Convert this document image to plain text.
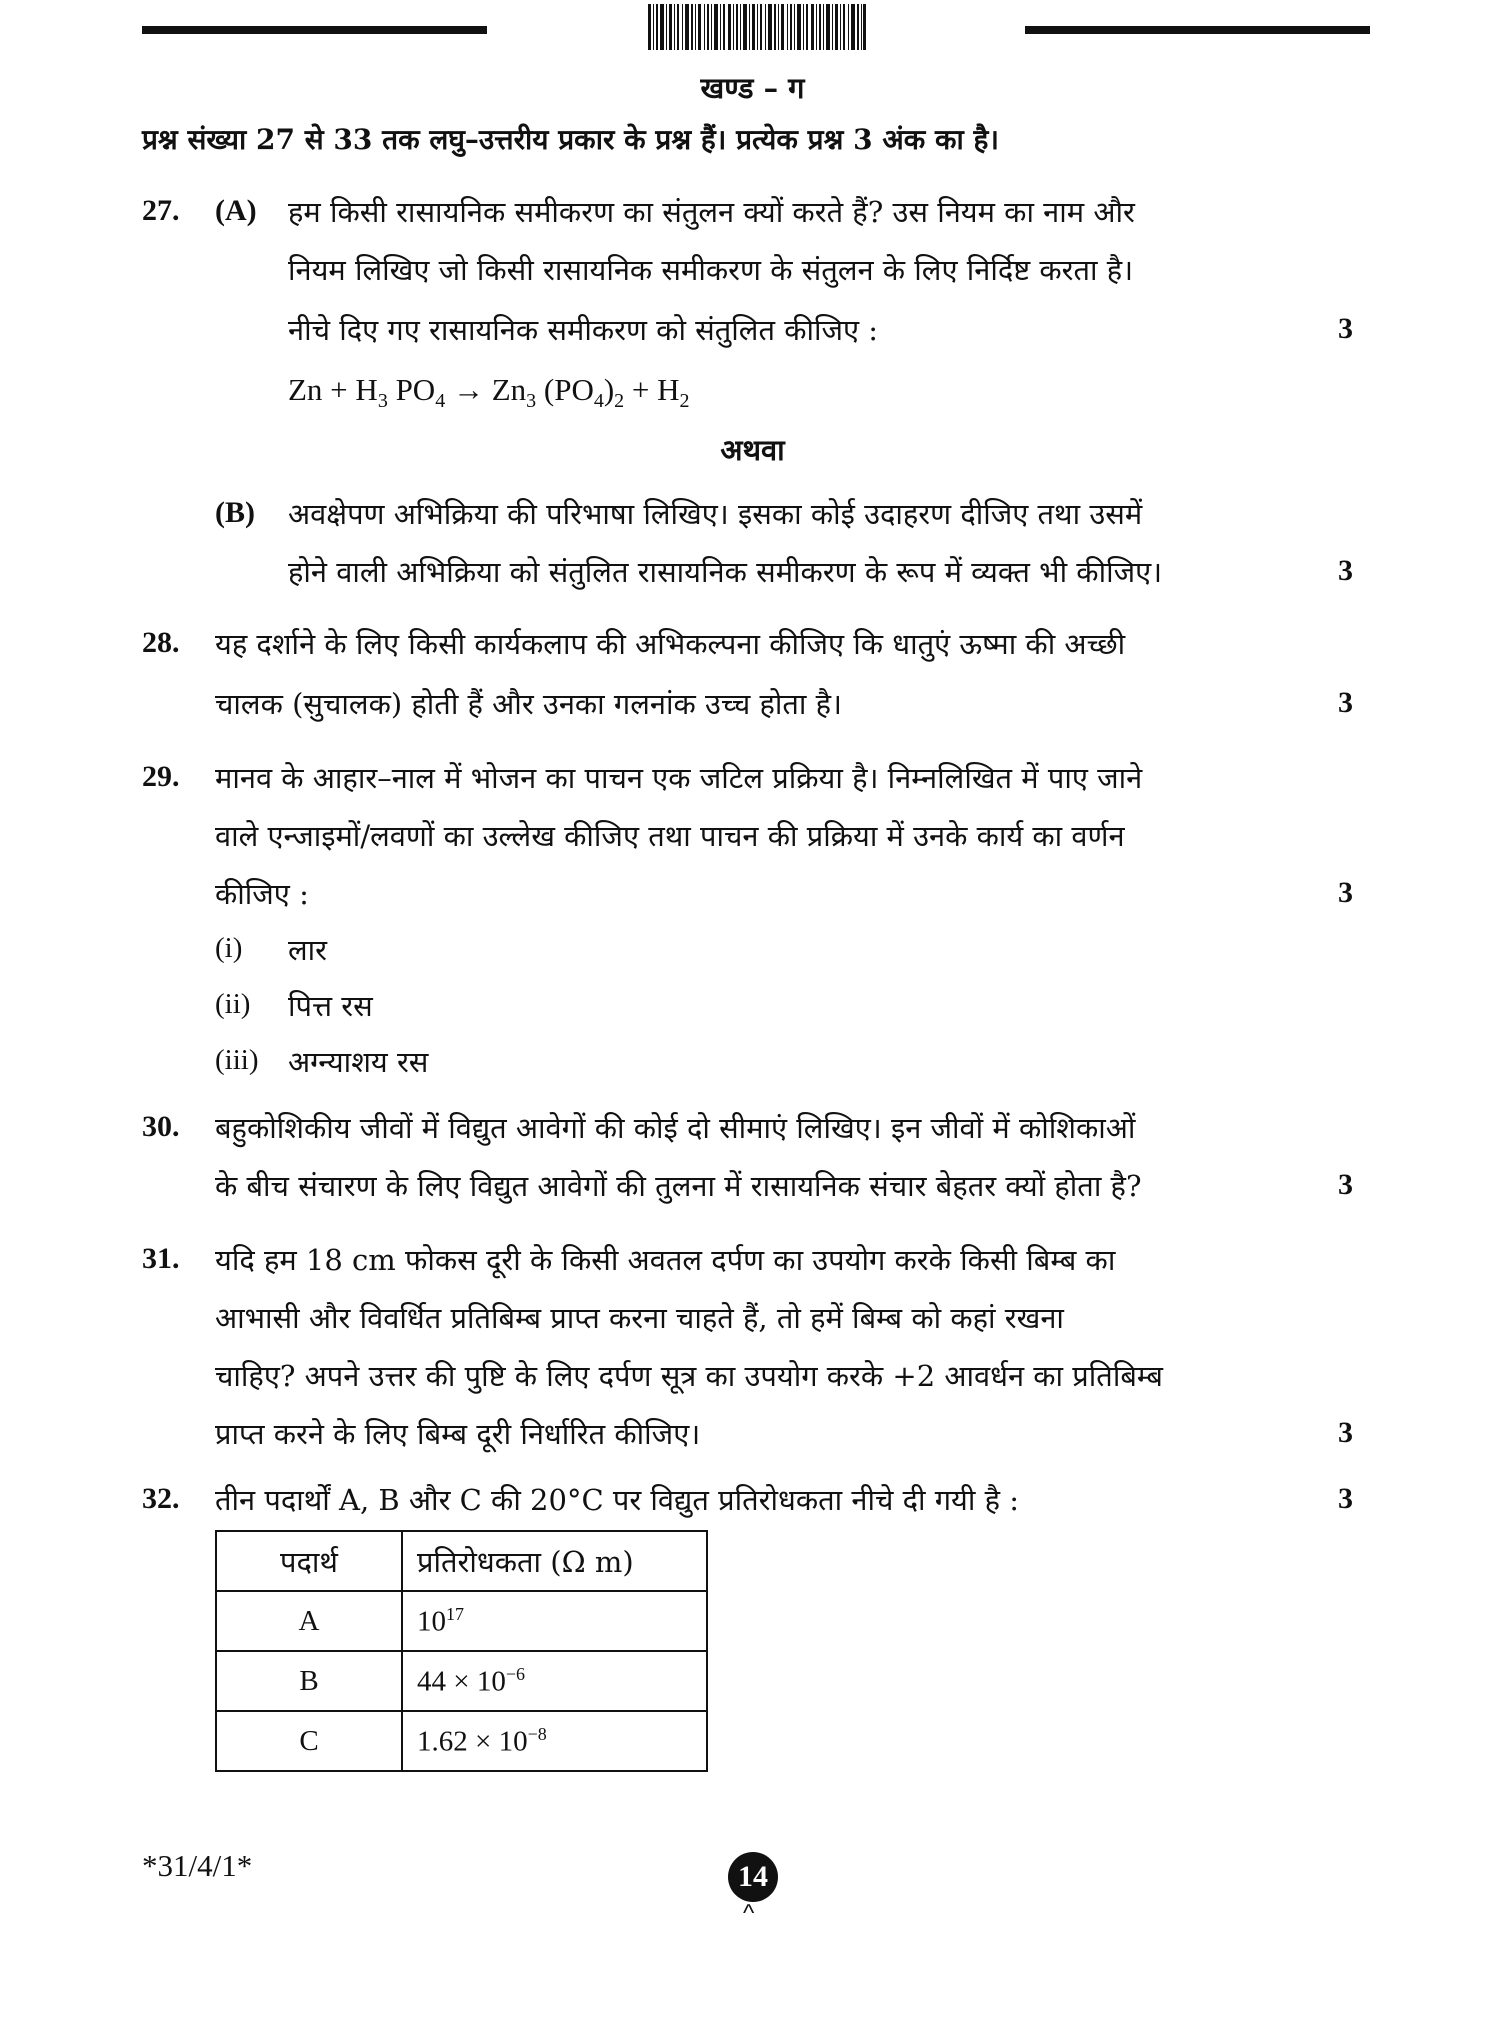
खण्ड – ग
प्रश्न संख्या 27 से 33 तक लघु–उत्तरीय प्रकार के प्रश्न हैं। प्रत्येक प्रश्न 3 अंक का है।
27. (A) हम किसी रासायनिक समीकरण का संतुलन क्यों करते हैं? उस नियम का नाम और
नियम लिखिए जो किसी रासायनिक समीकरण के संतुलन के लिए निर्दिष्ट करता है।
नीचे दिए गए रासायनिक समीकरण को संतुलित कीजिए :	3
$Zn + H_3$ $PO_4 \to Zn_3$ $(PO_4)_2 + H_2$
अथवा
(B) अवक्षेपण अभिक्रिया की परिभाषा लिखिए। इसका कोई उदाहरण दीजिए तथा उसमें
होने वाली अभिक्रिया को संतुलित रासायनिक समीकरण के रूप में व्यक्त भी कीजिए।	3
28. यह दर्शाने के लिए किसी कार्यकलाप की अभिकल्पना कीजिए कि धातुएं ऊष्मा की अच्छी
चालक (सुचालक) होती हैं और उनका गलनांक उच्च होता है।	3
29. मानव के आहार–नाल में भोजन का पाचन एक जटिल प्रक्रिया है। निम्नलिखित में पाए जाने
वाले एन्जाइमों/लवणों का उल्लेख कीजिए तथा पाचन की प्रक्रिया में उनके कार्य का वर्णन
कीजिए :	3
(i) लार
(ii) पित्त रस
(iii) अग्न्याशय रस
30. बहुकोशिकीय जीवों में विद्युत आवेगों की कोई दो सीमाएं लिखिए। इन जीवों में कोशिकाओं
के बीच संचारण के लिए विद्युत आवेगों की तुलना में रासायनिक संचार बेहतर क्यों होता है?	3
31. यदि हम 18 cm फोकस दूरी के किसी अवतल दर्पण का उपयोग करके किसी बिम्ब का
आभासी और विवर्धित प्रतिबिम्ब प्राप्त करना चाहते हैं, तो हमें बिम्ब को कहां रखना
चाहिए? अपने उत्तर की पुष्टि के लिए दर्पण सूत्र का उपयोग करके +2 आवर्धन का प्रतिबिम्ब
प्राप्त करने के लिए बिम्ब दूरी निर्धारित कीजिए।	3
32. तीन पदार्थों A, B और C की 20°C पर विद्युत प्रतिरोधकता नीचे दी गयी है :	3
पदार्थ	प्रतिरोधकता (Ω m)
A	$10^{17}$
B	$44 \times 10^{-6}$
C	$1.62 \times 10^{-8}$
*31/4/1*	14
^
